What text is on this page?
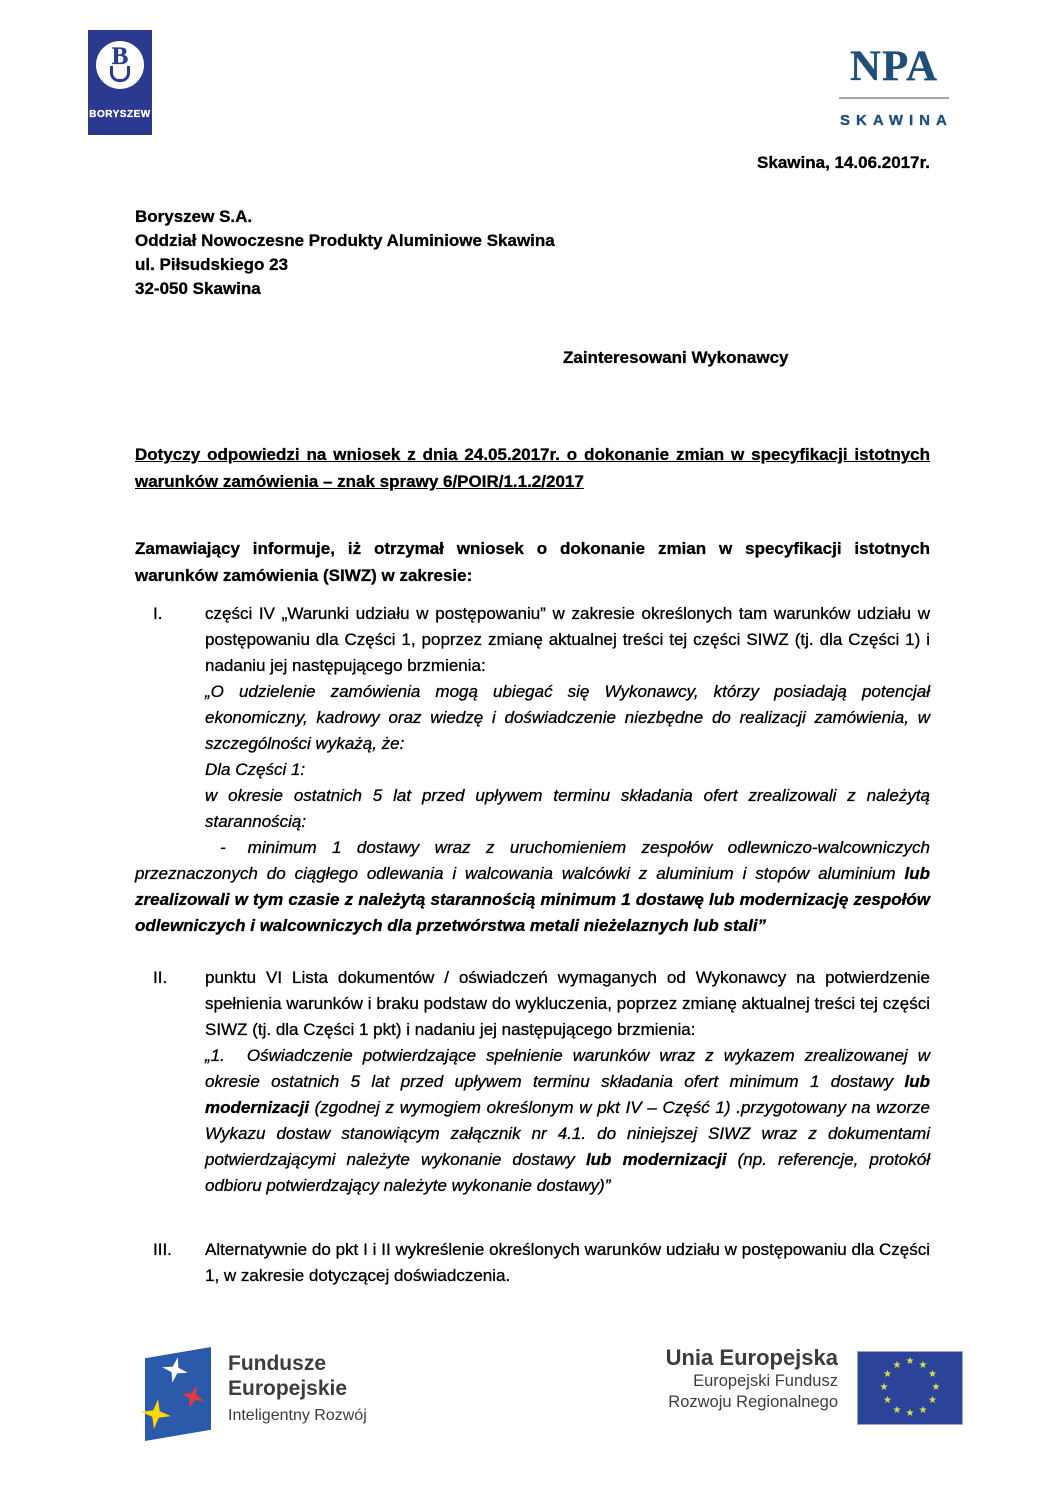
B
BORYSZEW
NPA
SKAWINA
Skawina, 14.06.2017r.
Boryszew S.A.
Oddział Nowoczesne Produkty Aluminiowe Skawina
ul. Piłsudskiego 23
32-050 Skawina
Zainteresowani Wykonawcy

Dotyczy odpowiedzi na wniosek z dnia 24.05.2017r. o dokonanie zmian w specyfikacji istotnych warunków zamówienia – znak sprawy 6/POIR/1.1.2/2017

Zamawiający informuje, iż otrzymał wniosek o dokonanie zmian w specyfikacji istotnych warunków zamówienia (SIWZ) w zakresie:

I.	części IV „Warunki udziału w postępowaniu” w zakresie określonych tam warunków udziału w postępowaniu dla Części 1, poprzez zmianę aktualnej treści tej części SIWZ (tj. dla Części 1) i nadaniu jej następującego brzmienia:

„O udzielenie zamówienia mogą ubiegać się Wykonawcy, którzy posiadają potencjał ekonomiczny, kadrowy oraz wiedzę i doświadczenie niezbędne do realizacji zamówienia, w szczególności wykażą, że:

Dla Części 1:

w okresie ostatnich 5 lat przed upływem terminu składania ofert zrealizowali z należytą starannością:

- minimum 1 dostawy wraz z uruchomieniem zespołów odlewniczo-walcowniczych przeznaczonych do ciągłego odlewania i walcowania walcówki z aluminium i stopów aluminium lub zrealizowali w tym czasie z należytą starannością minimum 1 dostawę lub modernizację zespołów odlewniczych i walcowniczych dla przetwórstwa metali nieżelaznych lub stali”

II.	punktu VI Lista dokumentów / oświadczeń wymaganych od Wykonawcy na potwierdzenie spełnienia warunków i braku podstaw do wykluczenia, poprzez zmianę aktualnej treści tej części SIWZ (tj. dla Części 1 pkt) i nadaniu jej następującego brzmienia:

„1. Oświadczenie potwierdzające spełnienie warunków wraz z wykazem zrealizowanej w okresie ostatnich 5 lat przed upływem terminu składania ofert minimum 1 dostawy lub modernizacji (zgodnej z wymogiem określonym w pkt IV – Część 1) .przygotowany na wzorze Wykazu dostaw stanowiącym załącznik nr 4.1. do niniejszej SIWZ wraz z dokumentami potwierdzającymi należyte wykonanie dostawy lub modernizacji (np. referencje, protokół odbioru potwierdzający należyte wykonanie dostawy)”

III.	Alternatywnie do pkt I i II wykreślenie określonych warunków udziału w postępowaniu dla Części 1, w zakresie dotyczącej doświadczenia.

Fundusze
Europejskie
Inteligentny Rozwój
Unia Europejska
Europejski Fundusz
Rozwoju Regionalnego
★ ★
★
★
★
★
★
★
★
★
★
★
